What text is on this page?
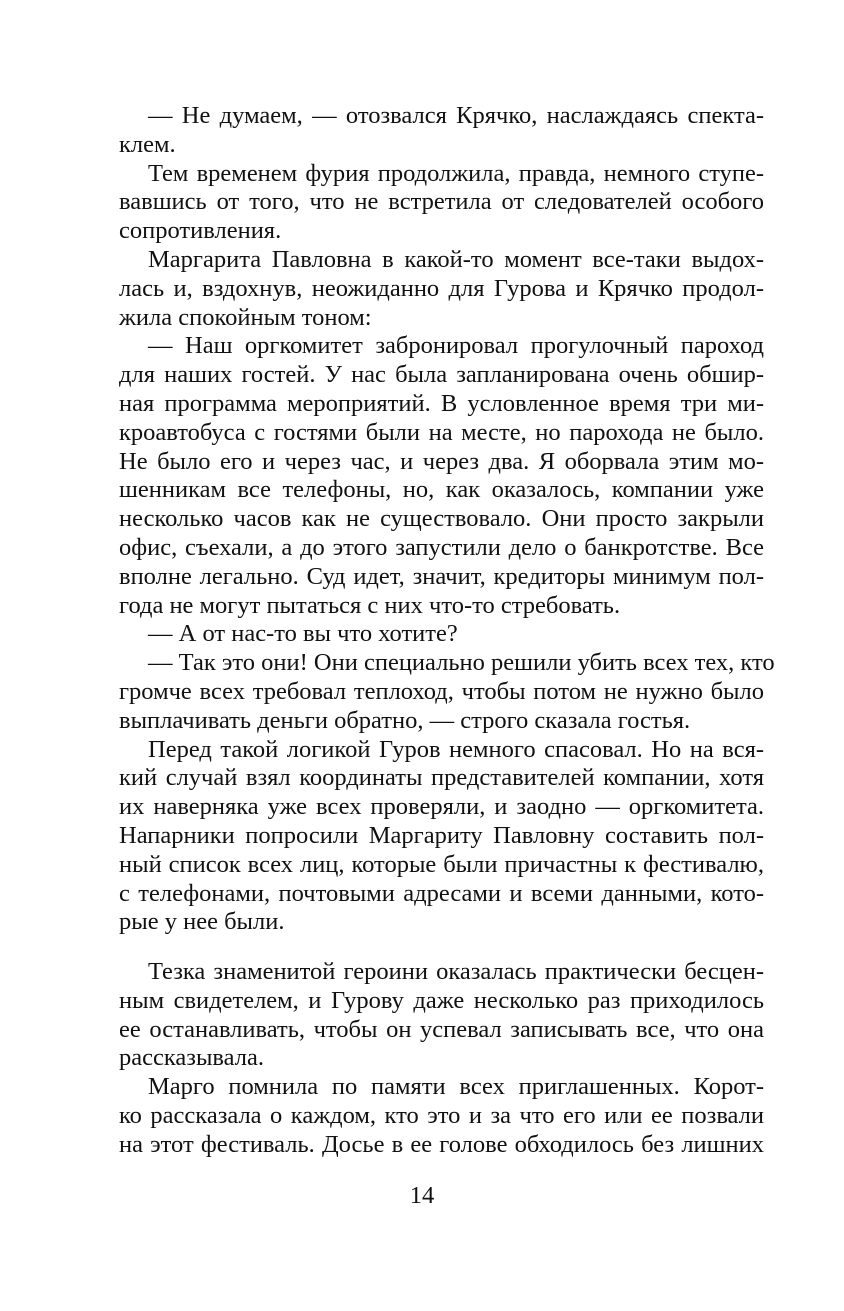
— Не думаем, — отозвался Крячко, наслаждаясь спекта-
клем.
Тем временем фурия продолжила, правда, немного ступе-
вавшись от того, что не встретила от следователей особого
сопротивления.
Маргарита Павловна в какой-то момент все-таки выдох-
лась и, вздохнув, неожиданно для Гурова и Крячко продол-
жила спокойным тоном:
— Наш оргкомитет забронировал прогулочный пароход
для наших гостей. У нас была запланирована очень обшир-
ная программа мероприятий. В условленное время три ми-
кроавтобуса с гостями были на месте, но парохода не было.
Не было его и через час, и через два. Я оборвала этим мо-
шенникам все телефоны, но, как оказалось, компании уже
несколько часов как не существовало. Они просто закрыли
офис, съехали, а до этого запустили дело о банкротстве. Все
вполне легально. Суд идет, значит, кредиторы минимум пол-
года не могут пытаться с них что-то стребовать.
— А от нас-то вы что хотите?
— Так это они! Они специально решили убить всех тех, кто
громче всех требовал теплоход, чтобы потом не нужно было
выплачивать деньги обратно, — строго сказала гостья.
Перед такой логикой Гуров немного спасовал. Но на вся-
кий случай взял координаты представителей компании, хотя
их наверняка уже всех проверяли, и заодно — оргкомитета.
Напарники попросили Маргариту Павловну составить пол-
ный список всех лиц, которые были причастны к фестивалю,
с телефонами, почтовыми адресами и всеми данными, кото-
рые у нее были.
Тезка знаменитой героини оказалась практически бесцен-
ным свидетелем, и Гурову даже несколько раз приходилось
ее останавливать, чтобы он успевал записывать все, что она
рассказывала.
Марго помнила по памяти всех приглашенных. Корот-
ко рассказала о каждом, кто это и за что его или ее позвали
на этот фестиваль. Досье в ее голове обходилось без лишних
14
